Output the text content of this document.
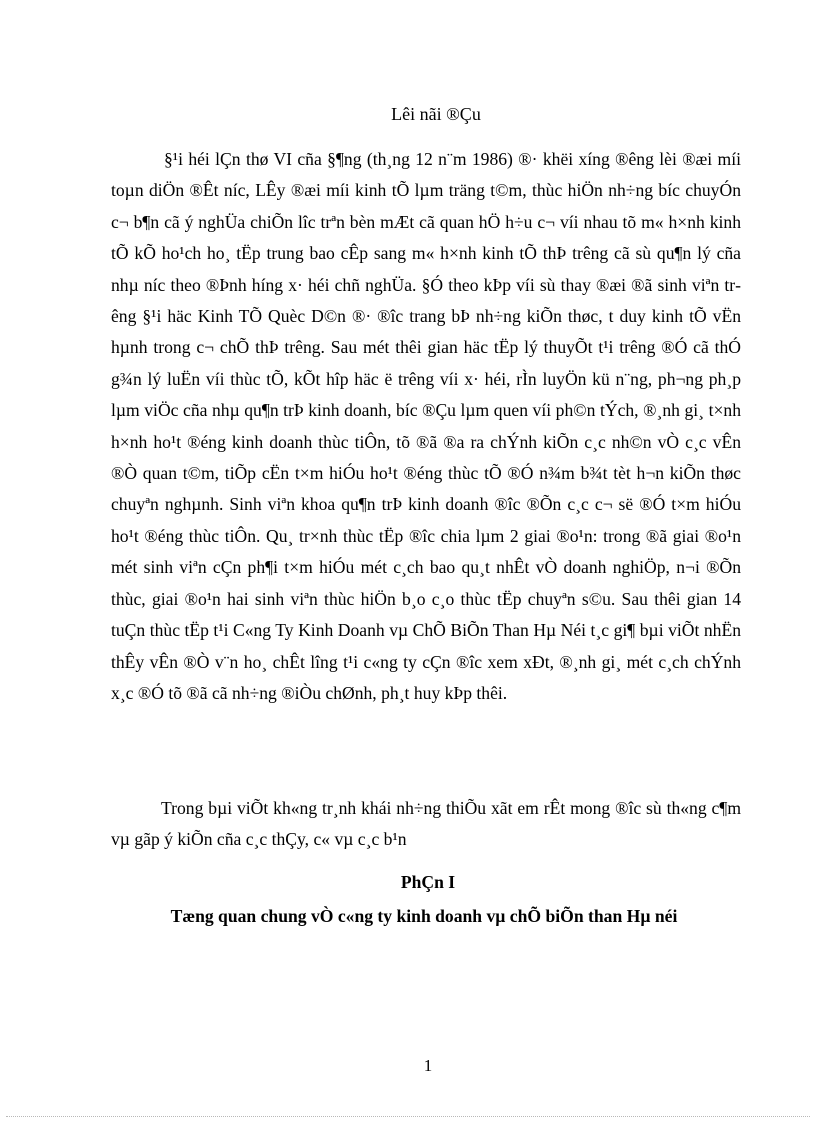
Lêi nãi ®Çu

§¹i héi lÇn thø VI cña §¶ng (th¸ng 12 n¨m 1986) ®· khëi xíng ®êng lèi ®æi míi toµn diÖn ®Êt níc, LÊy ®æi míi kinh tÕ lµm träng t©m, thùc hiÖn nh÷ng bíc chuyÓn c¬ b¶n cã ý nghÜa chiÕn lîc trªn bèn mÆt cã quan hÖ h÷u c¬ víi nhau tõ m« h×nh kinh tÕ kÕ ho¹ch ho¸ tËp trung bao cÊp sang m« h×nh kinh tÕ thÞ trêng cã sù qu¶n lý cña nhµ níc theo ®Þnh híng x· héi chñ nghÜa. §Ó theo kÞp víi sù thay ®æi ®ã sinh viªn trêng §¹i häc Kinh TÕ Quèc D©n ®· ®îc trang bÞ nh÷ng kiÕn thøc, t duy kinh tÕ vËn hµnh trong c¬ chÕ thÞ trêng. Sau mét thêi gian häc tËp lý thuyÕt t¹i trêng ®Ó cã thÓ g¾n lý luËn víi thùc tÕ, kÕt hîp häc ë trêng víi x· héi, rÌn luyÖn kü n¨ng, ph¬ng ph¸p lµm viÖc cña nhµ qu¶n trÞ kinh doanh, bíc ®Çu lµm quen víi ph©n tÝch, ®¸nh gi¸ t×nh h×nh ho¹t ®éng kinh doanh thùc tiÔn, tõ ®ã ®a ra chÝnh kiÕn c¸c nh©n vÒ c¸c vÊn ®Ò quan t©m, tiÕp cËn t×m hiÓu ho¹t ®éng thùc tÕ ®Ó n¾m b¾t tèt h¬n kiÕn thøc chuyªn nghµnh. Sinh viªn khoa qu¶n trÞ kinh doanh ®îc ®Õn c¸c c¬ së ®Ó t×m hiÓu ho¹t ®éng thùc tiÔn. Qu¸ tr×nh thùc tËp ®îc chia lµm 2 giai ®o¹n: trong ®ã giai ®o¹n mét sinh viªn cÇn ph¶i t×m hiÓu mét c¸ch bao qu¸t nhÊt vÒ doanh nghiÖp, n¬i ®Õn thùc, giai ®o¹n hai sinh viªn thùc hiÖn b¸o c¸o thùc tËp chuyªn s©u. Sau thêi gian 14 tuÇn thùc tËp t¹i C«ng Ty Kinh Doanh vµ ChÕ BiÕn Than Hµ Néi t¸c gi¶ bµi viÕt nhËn thÊy vÊn ®Ò v¨n ho¸ chÊt lîng t¹i c«ng ty cÇn ®îc xem xÐt, ®¸nh gi¸ mét c¸ch chÝnh x¸c ®Ó tõ ®ã cã nh÷ng ®iÒu chØnh, ph¸t huy kÞp thêi.

Trong bµi viÕt kh«ng tr¸nh khái nh÷ng thiÕu xãt em rÊt mong ®îc sù th«ng c¶m vµ gãp ý kiÕn cña c¸c thÇy, c« vµ c¸c b¹n

PhÇn I
Tæng quan chung vÒ c«ng ty kinh doanh vµ chÕ biÕn than Hµ néi
1
